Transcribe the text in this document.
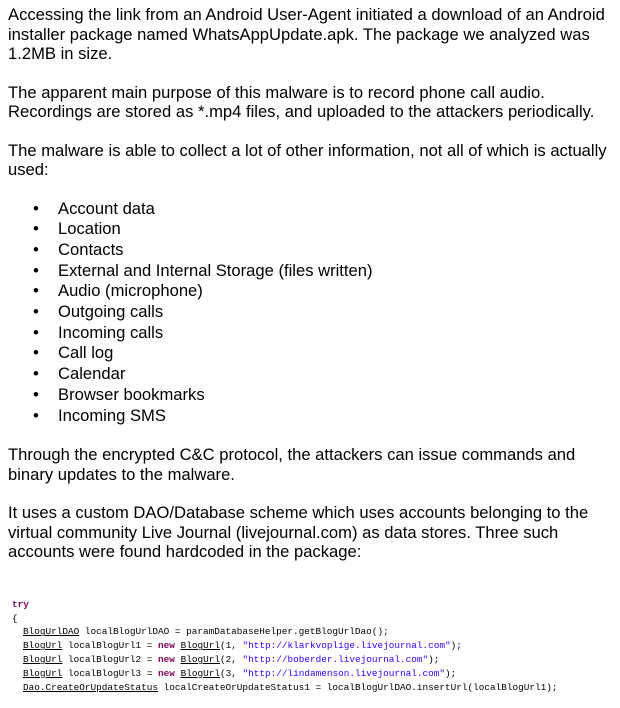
Accessing the link from an Android User-Agent initiated a download of an Android installer package named WhatsAppUpdate.apk. The package we analyzed was 1.2MB in size.

The apparent main purpose of this malware is to record phone call audio. Recordings are stored as *.mp4 files, and uploaded to the attackers periodically.

The malware is able to collect a lot of other information, not all of which is actually used:

• Account data
• Location
• Contacts
• External and Internal Storage (files written)
• Audio (microphone)
• Outgoing calls
• Incoming calls
• Call log
• Calendar
• Browser bookmarks
• Incoming SMS

Through the encrypted C&C protocol, the attackers can issue commands and binary updates to the malware.

It uses a custom DAO/Database scheme which uses accounts belonging to the virtual community Live Journal (livejournal.com) as data stores. Three such accounts were found hardcoded in the package:

try
{
BlogUrlDAO localBlogUrlDAO = paramDatabaseHelper.getBlogUrlDao();
BlogUrl localBlogUrl1 = new BlogUrl(1, "http://klarkvoplige.livejournal.com");
BlogUrl localBlogUrl2 = new BlogUrl(2, "http://boberder.livejournal.com");
BlogUrl localBlogUrl3 = new BlogUrl(3, "http://lindamenson.livejournal.com");
Dao.CreateOrUpdateStatus localCreateOrUpdateStatus1 = localBlogUrlDAO.insertUrl(localBlogUrl1);
